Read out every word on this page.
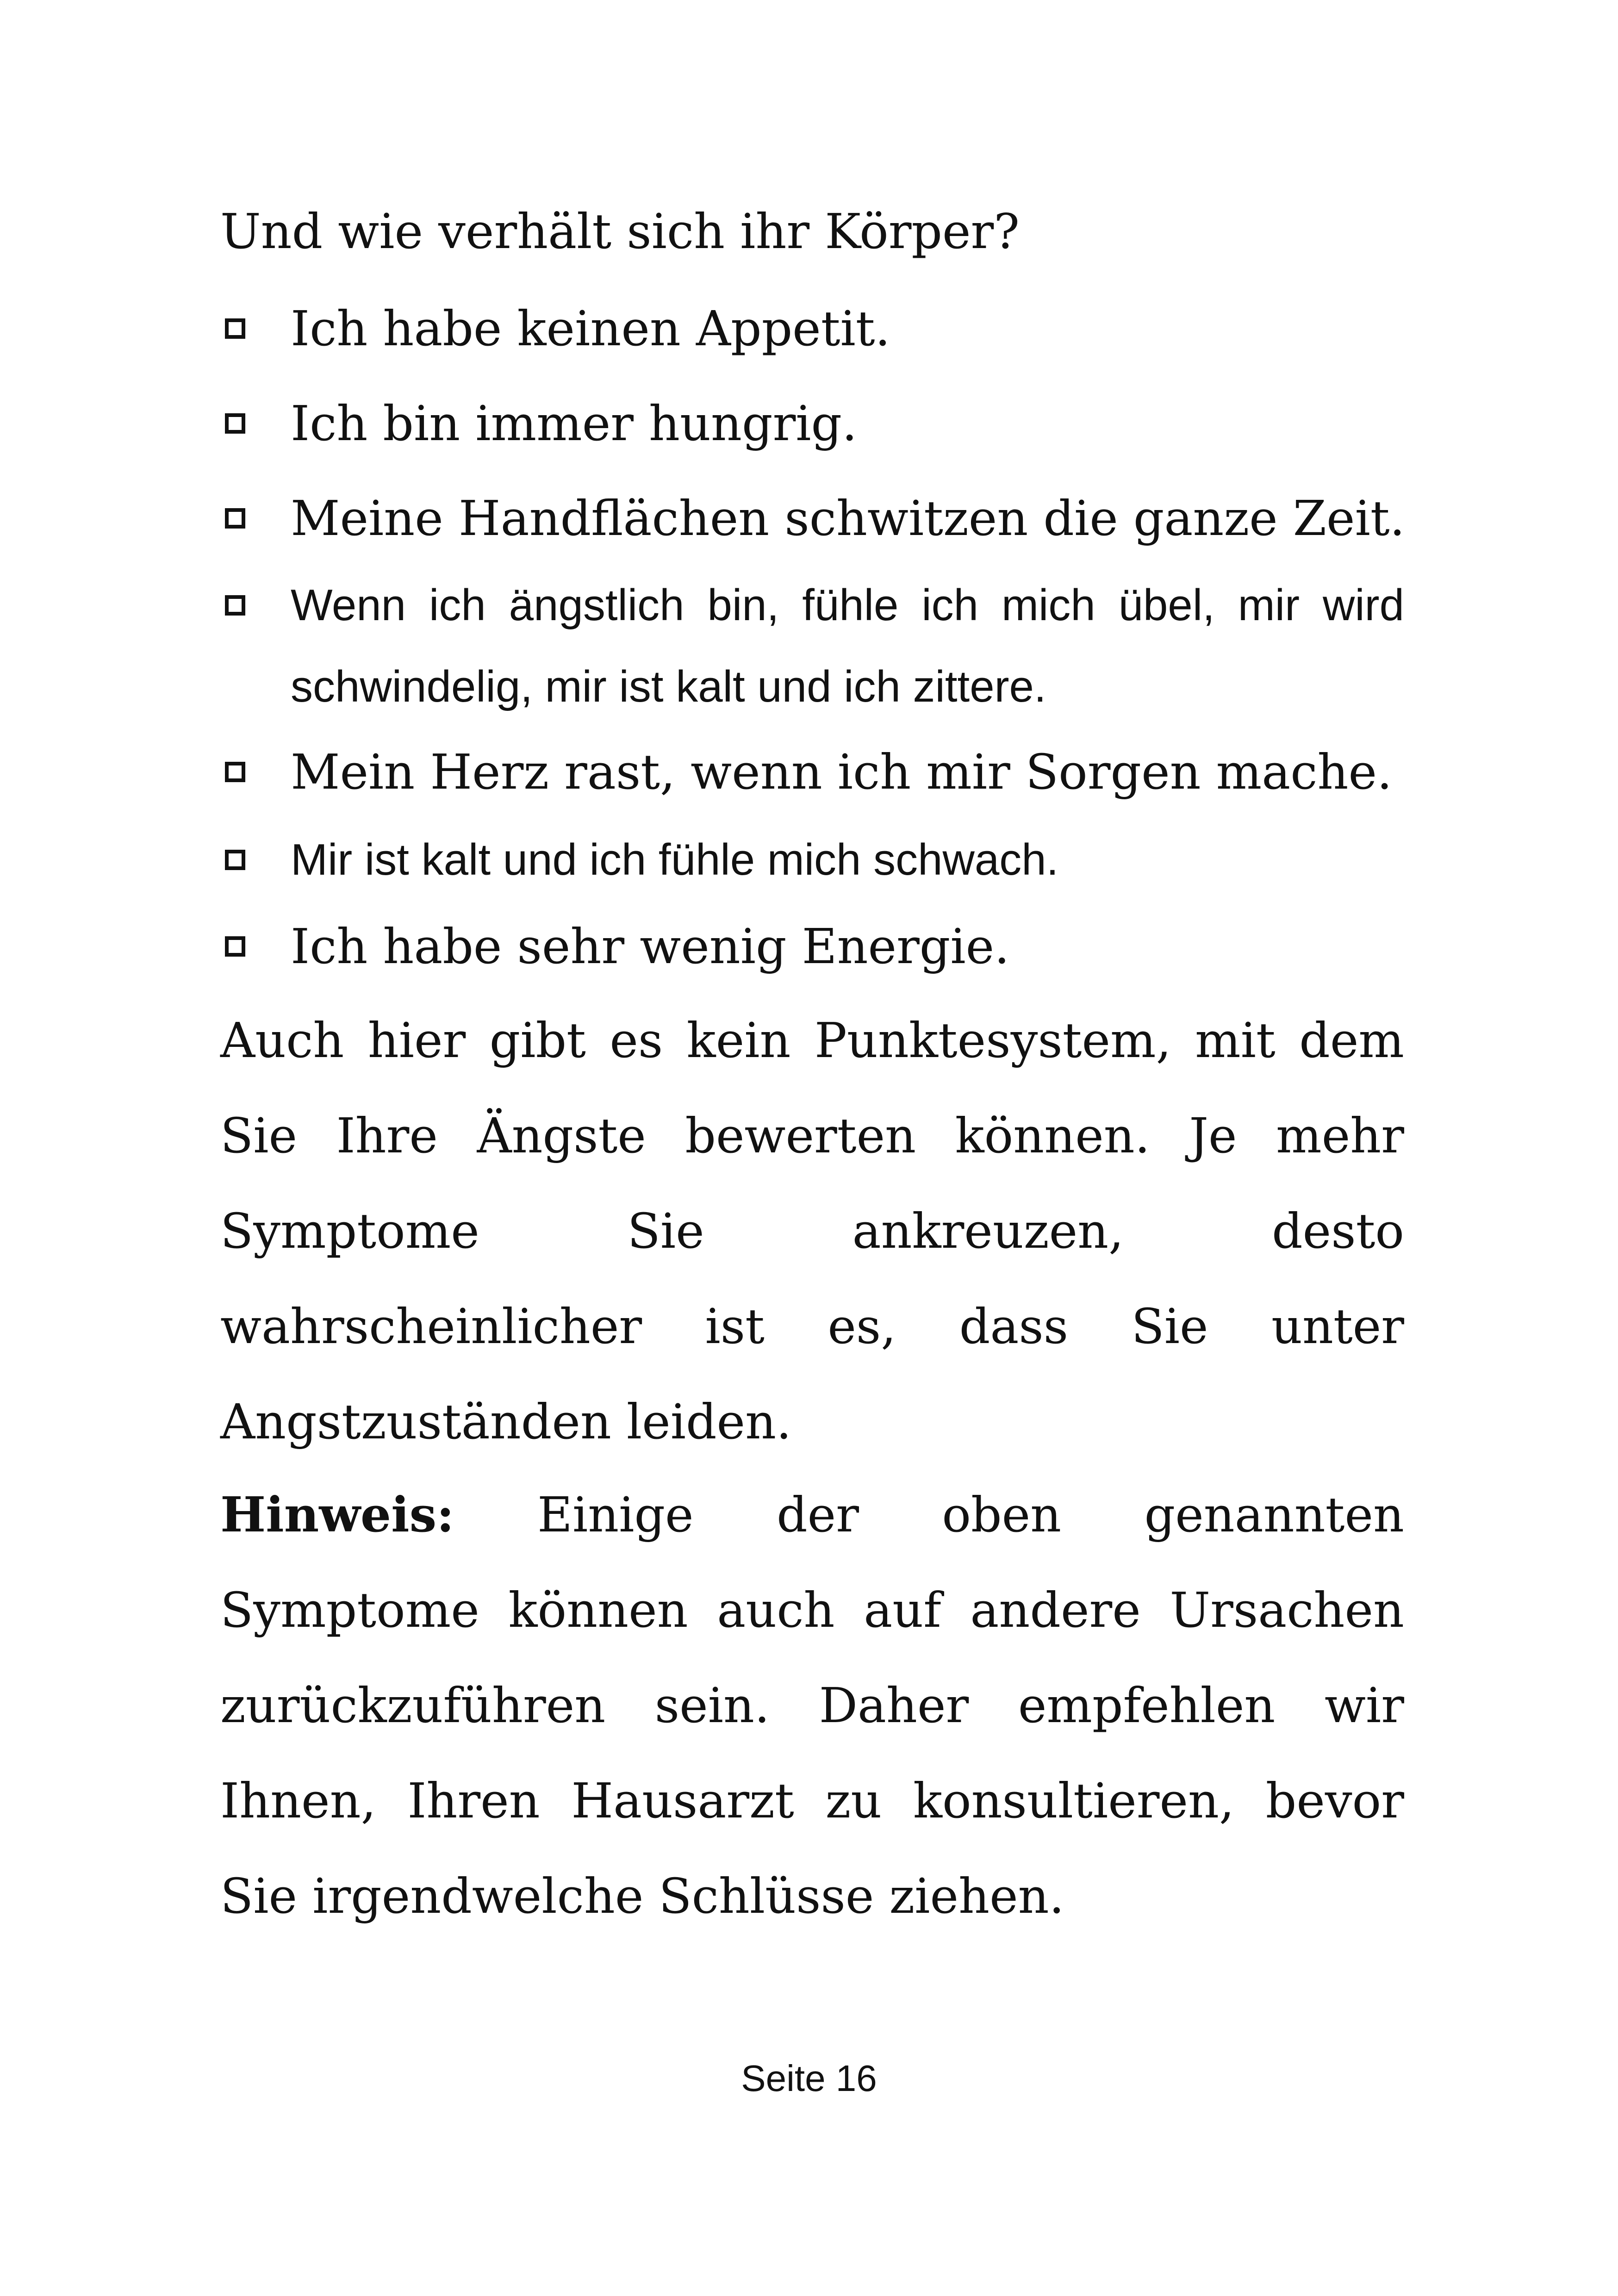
Und wie verhält sich ihr Körper?

Ich habe keinen Appetit.

Ich bin immer hungrig.

Meine Handflächen schwitzen die ganze Zeit.

Wenn ich ängstlich bin, fühle ich mich übel, mir wird schwindelig, mir ist kalt und ich zittere.

Mein Herz rast, wenn ich mir Sorgen mache.

Mir ist kalt und ich fühle mich schwach.

Ich habe sehr wenig Energie.

Auch hier gibt es kein Punktesystem, mit dem Sie Ihre Ängste bewerten können. Je mehr Symptome Sie ankreuzen, desto wahrscheinlicher ist es, dass Sie unter Angstzuständen leiden.

Hinweis: Einige der oben genannten Symptome können auch auf andere Ursachen zurückzuführen sein. Daher empfehlen wir Ihnen, Ihren Hausarzt zu konsultieren, bevor Sie irgendwelche Schlüsse ziehen.

Seite 16
